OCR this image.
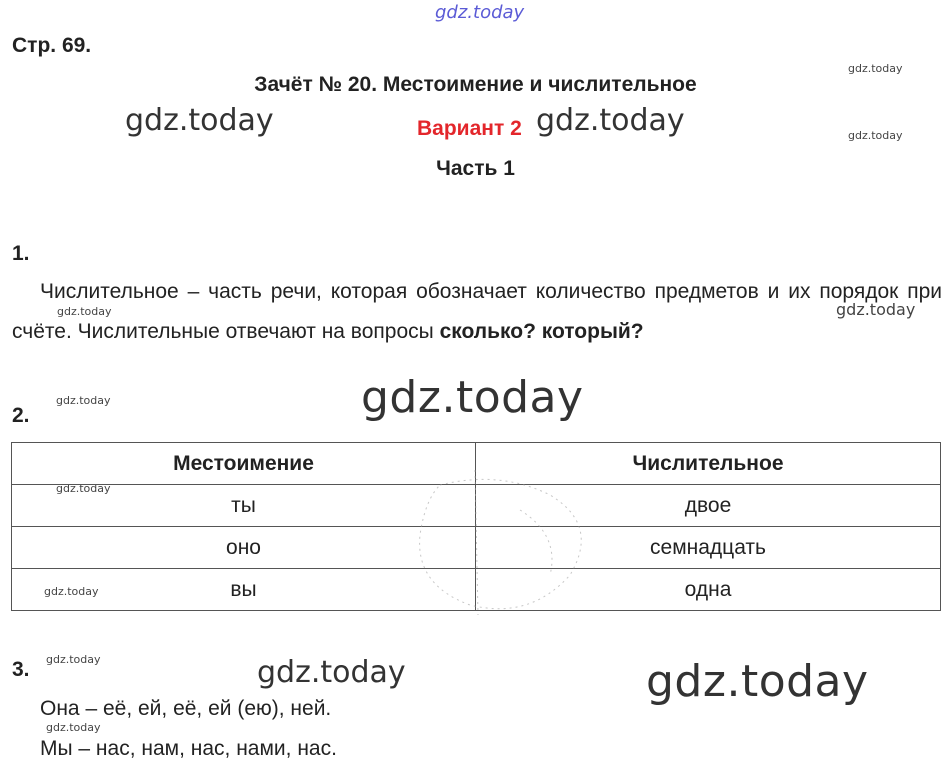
gdz.today
gdz.today
gdz.today
gdz.today	gdz.today
gdz.today	gdz.today
gdz.today
gdz.today
gdz.today
gdz.today
gdz.today
gdz.today
gdz.today	gdz.today
Стр. 69.
Зачёт № 20. Местоимение и числительное
Вариант 2
Часть 1
1.
Числительное – часть речи, которая обозначает количество предметов и их порядок при счёте. Числительные отвечают на вопросы сколько? который?
2.
Местоимение	Числительное
ты	двое
оно	семнадцать
вы	одна
3.
Она – её, ей, её, ей (ею), ней.
Мы – нас, нам, нас, нами, нас.
